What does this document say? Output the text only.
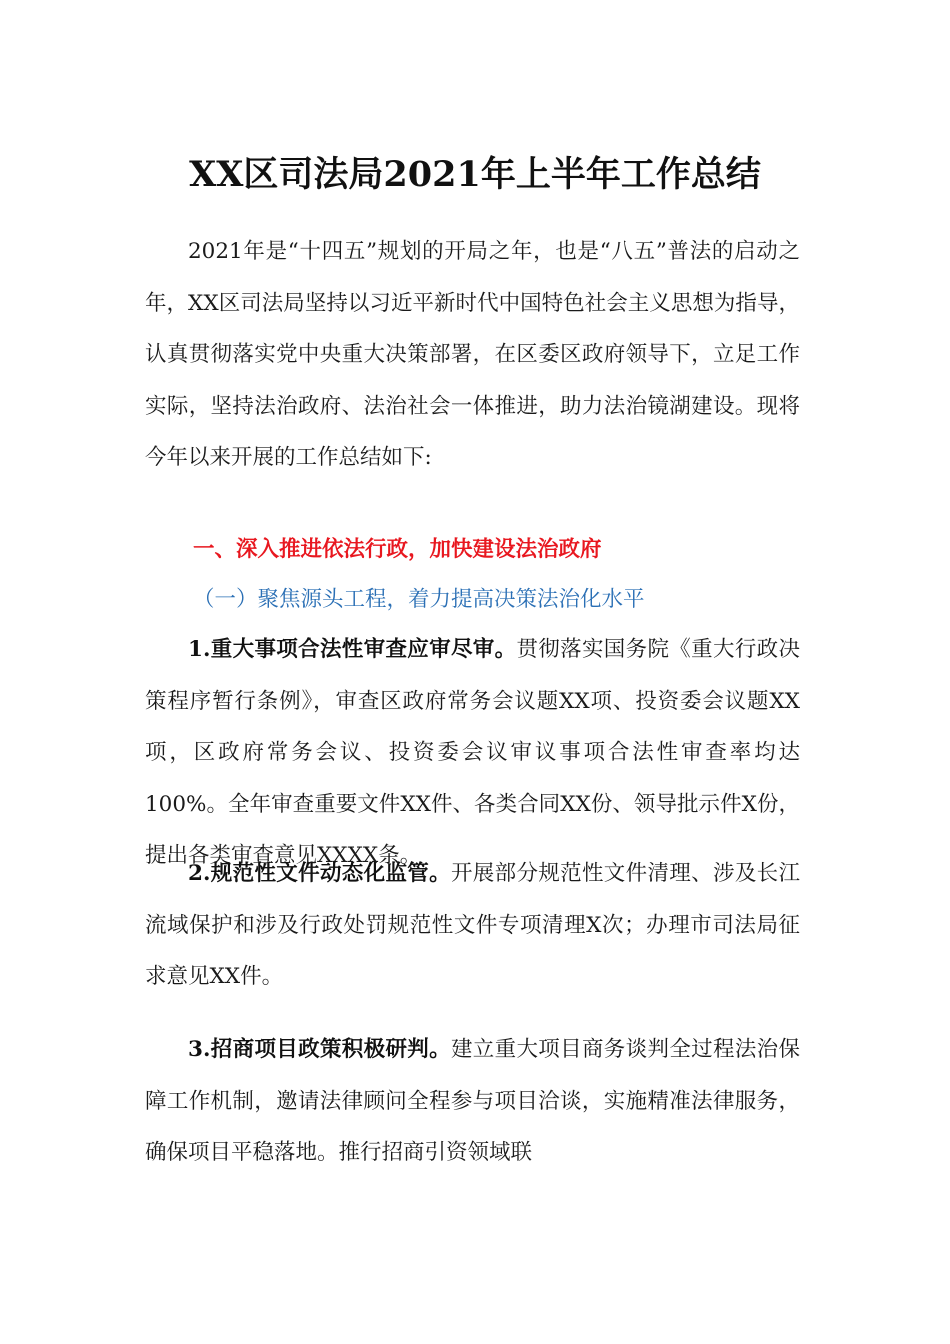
XX区司法局2021年上半年工作总结

2021年是“十四五”规划的开局之年，也是“八五”普法的启动之年，XX区司法局坚持以习近平新时代中国特色社会主义思想为指导，认真贯彻落实党中央重大决策部署，在区委区政府领导下，立足工作实际，坚持法治政府、法治社会一体推进，助力法治镜湖建设。现将今年以来开展的工作总结如下:

一、深入推进依法行政，加快建设法治政府
（一）聚焦源头工程，着力提高决策法治化水平

1.重大事项合法性审查应审尽审。贯彻落实国务院《重大行政决策程序暂行条例》，审查区政府常务会议题XX项、投资委会议题XX项，区政府常务会议、投资委会议审议事项合法性审查率均达100%。全年审查重要文件XX件、各类合同XX份、领导批示件X份，提出各类审查意见XXXX条。

2.规范性文件动态化监管。开展部分规范性文件清理、涉及长江流域保护和涉及行政处罚规范性文件专项清理X次；办理市司法局征求意见XX件。

3.招商项目政策积极研判。建立重大项目商务谈判全过程法治保障工作机制，邀请法律顾问全程参与项目洽谈，实施精准法律服务，确保项目平稳落地。推行招商引资领域联
